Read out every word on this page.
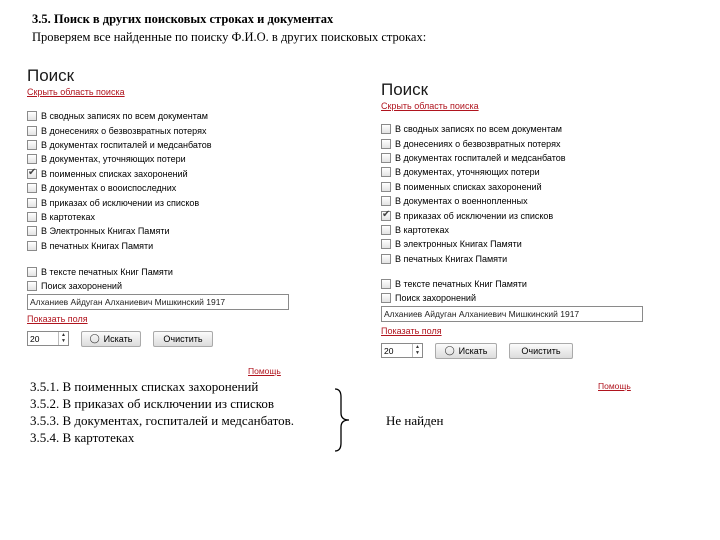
3.5. Поиск в других поисковых строках и документах
Проверяем все найденные по поиску Ф.И.О. в других поисковых строках:
Поиск
Скрыть область поиска
В сводных записях по всем документам
В донесениях о безвозвратных потерях
В документах госпиталей и медсанбатов
В документах, уточняющих потери
✔
В поименных списках захоронений
В документах о вооиспоследних
В приказах об исключении из списков
В картотеках
В Электронных Книгах Памяти
В печатных Книгах Памяти
В тексте печатных Книг Памяти
Поиск захоронений
Алханиев Айдуган Алханиевич Мишкинский 1917
Показать поля
20	▲
▼	◯ Искать	Очистить
Помощь
Поиск
Скрыть область поиска
В сводных записях по всем документам
В донесениях о безвозвратных потерях
В документах госпиталей и медсанбатов
В документах, уточняющих потери
В поименных списках захоронений
В документах о военнопленных
✔
В приказах об исключении из списков
В картотеках
В электронных Книгах Памяти
В печатных Книгах Памяти
В тексте печатных Книг Памяти
Поиск захоронений
Алханиев Айдуган Алханиевич Мишкинский 1917
Показать поля
20	▲
▼	◯ Искать	Очистить
Помощь
3.5.1. В поименных списках захоронений
3.5.2. В приказах об исключении из списков
3.5.3. В документах, госпиталей и медсанбатов.
3.5.4. В картотеках
Не найден
